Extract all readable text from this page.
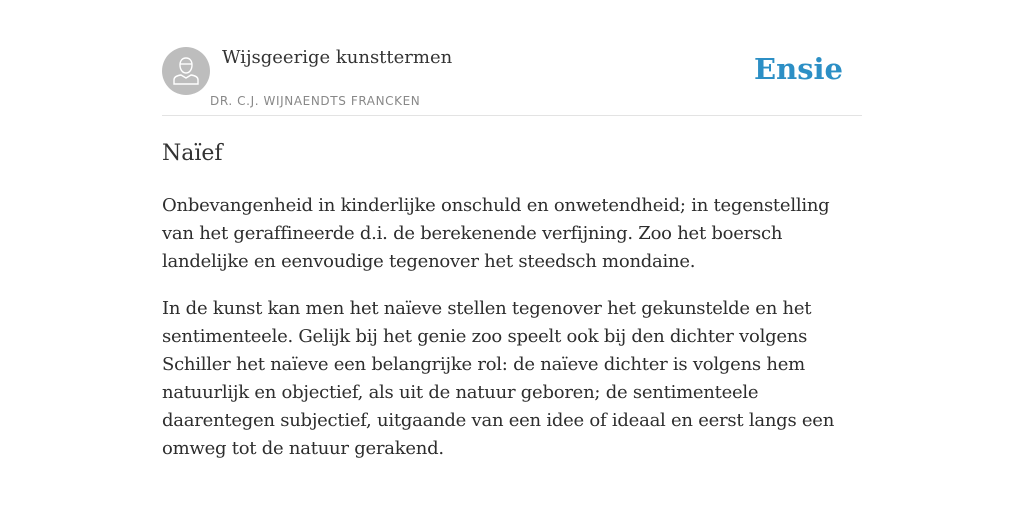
Wijsgeerige kunsttermen
DR. C.J. WIJNAENDTS FRANCKEN
Ensie
Naïef

Onbevangenheid in kinderlijke onschuld en onwetendheid; in tegenstelling van het geraffineerde d.i. de berekenende verfijning. Zoo het boersch landelijke en eenvoudige tegenover het steedsch mondaine.

In de kunst kan men het naïeve stellen tegenover het gekunstelde en het sentimenteele. Gelijk bij het genie zoo speelt ook bij den dichter volgens Schiller het naïeve een belangrijke rol: de naïeve dichter is volgens hem natuurlijk en objectief, als uit de natuur geboren; de sentimenteele daarentegen subjectief, uitgaande van een idee of ideaal en eerst langs een omweg tot de natuur gerakend.
